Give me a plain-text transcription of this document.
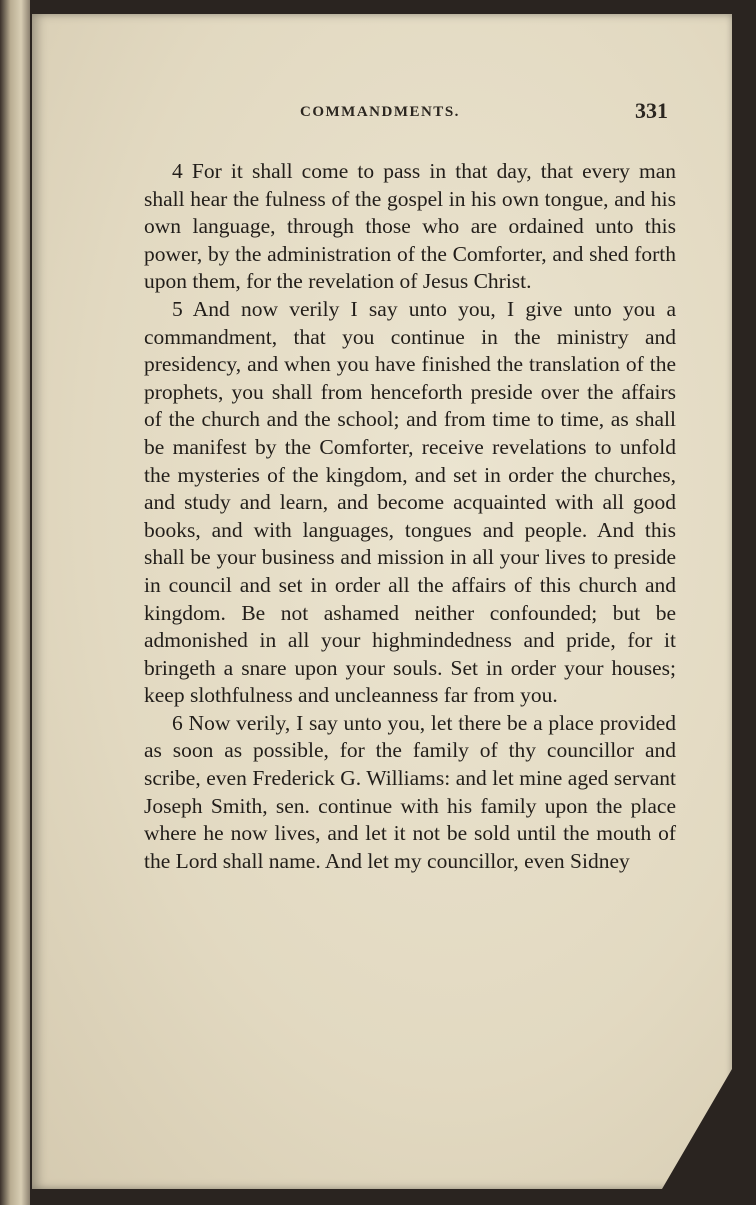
COMMANDMENTS.	331

4 For it shall come to pass in that day, that every man shall hear the fulness of the gospel in his own tongue, and his own language, through those who are ordained unto this power, by the administration of the Comforter, and shed forth upon them, for the revelation of Jesus Christ.

5 And now verily I say unto you, I give unto you a commandment, that you continue in the ministry and presidency, and when you have finished the translation of the prophets, you shall from henceforth preside over the affairs of the church and the school; and from time to time, as shall be manifest by the Comforter, receive revelations to unfold the mysteries of the kingdom, and set in order the churches, and study and learn, and become acquainted with all good books, and with languages, tongues and people. And this shall be your business and mission in all your lives to preside in council and set in order all the affairs of this church and kingdom. Be not ashamed neither confounded; but be admonished in all your highmindedness and pride, for it bringeth a snare upon your souls. Set in order your houses; keep slothfulness and uncleanness far from you.

6 Now verily, I say unto you, let there be a place provided as soon as possible, for the family of thy councillor and scribe, even Frederick G. Williams: and let mine aged servant Joseph Smith, sen. continue with his family upon the place where he now lives, and let it not be sold until the mouth of the Lord shall name. And let my councillor, even Sidney
